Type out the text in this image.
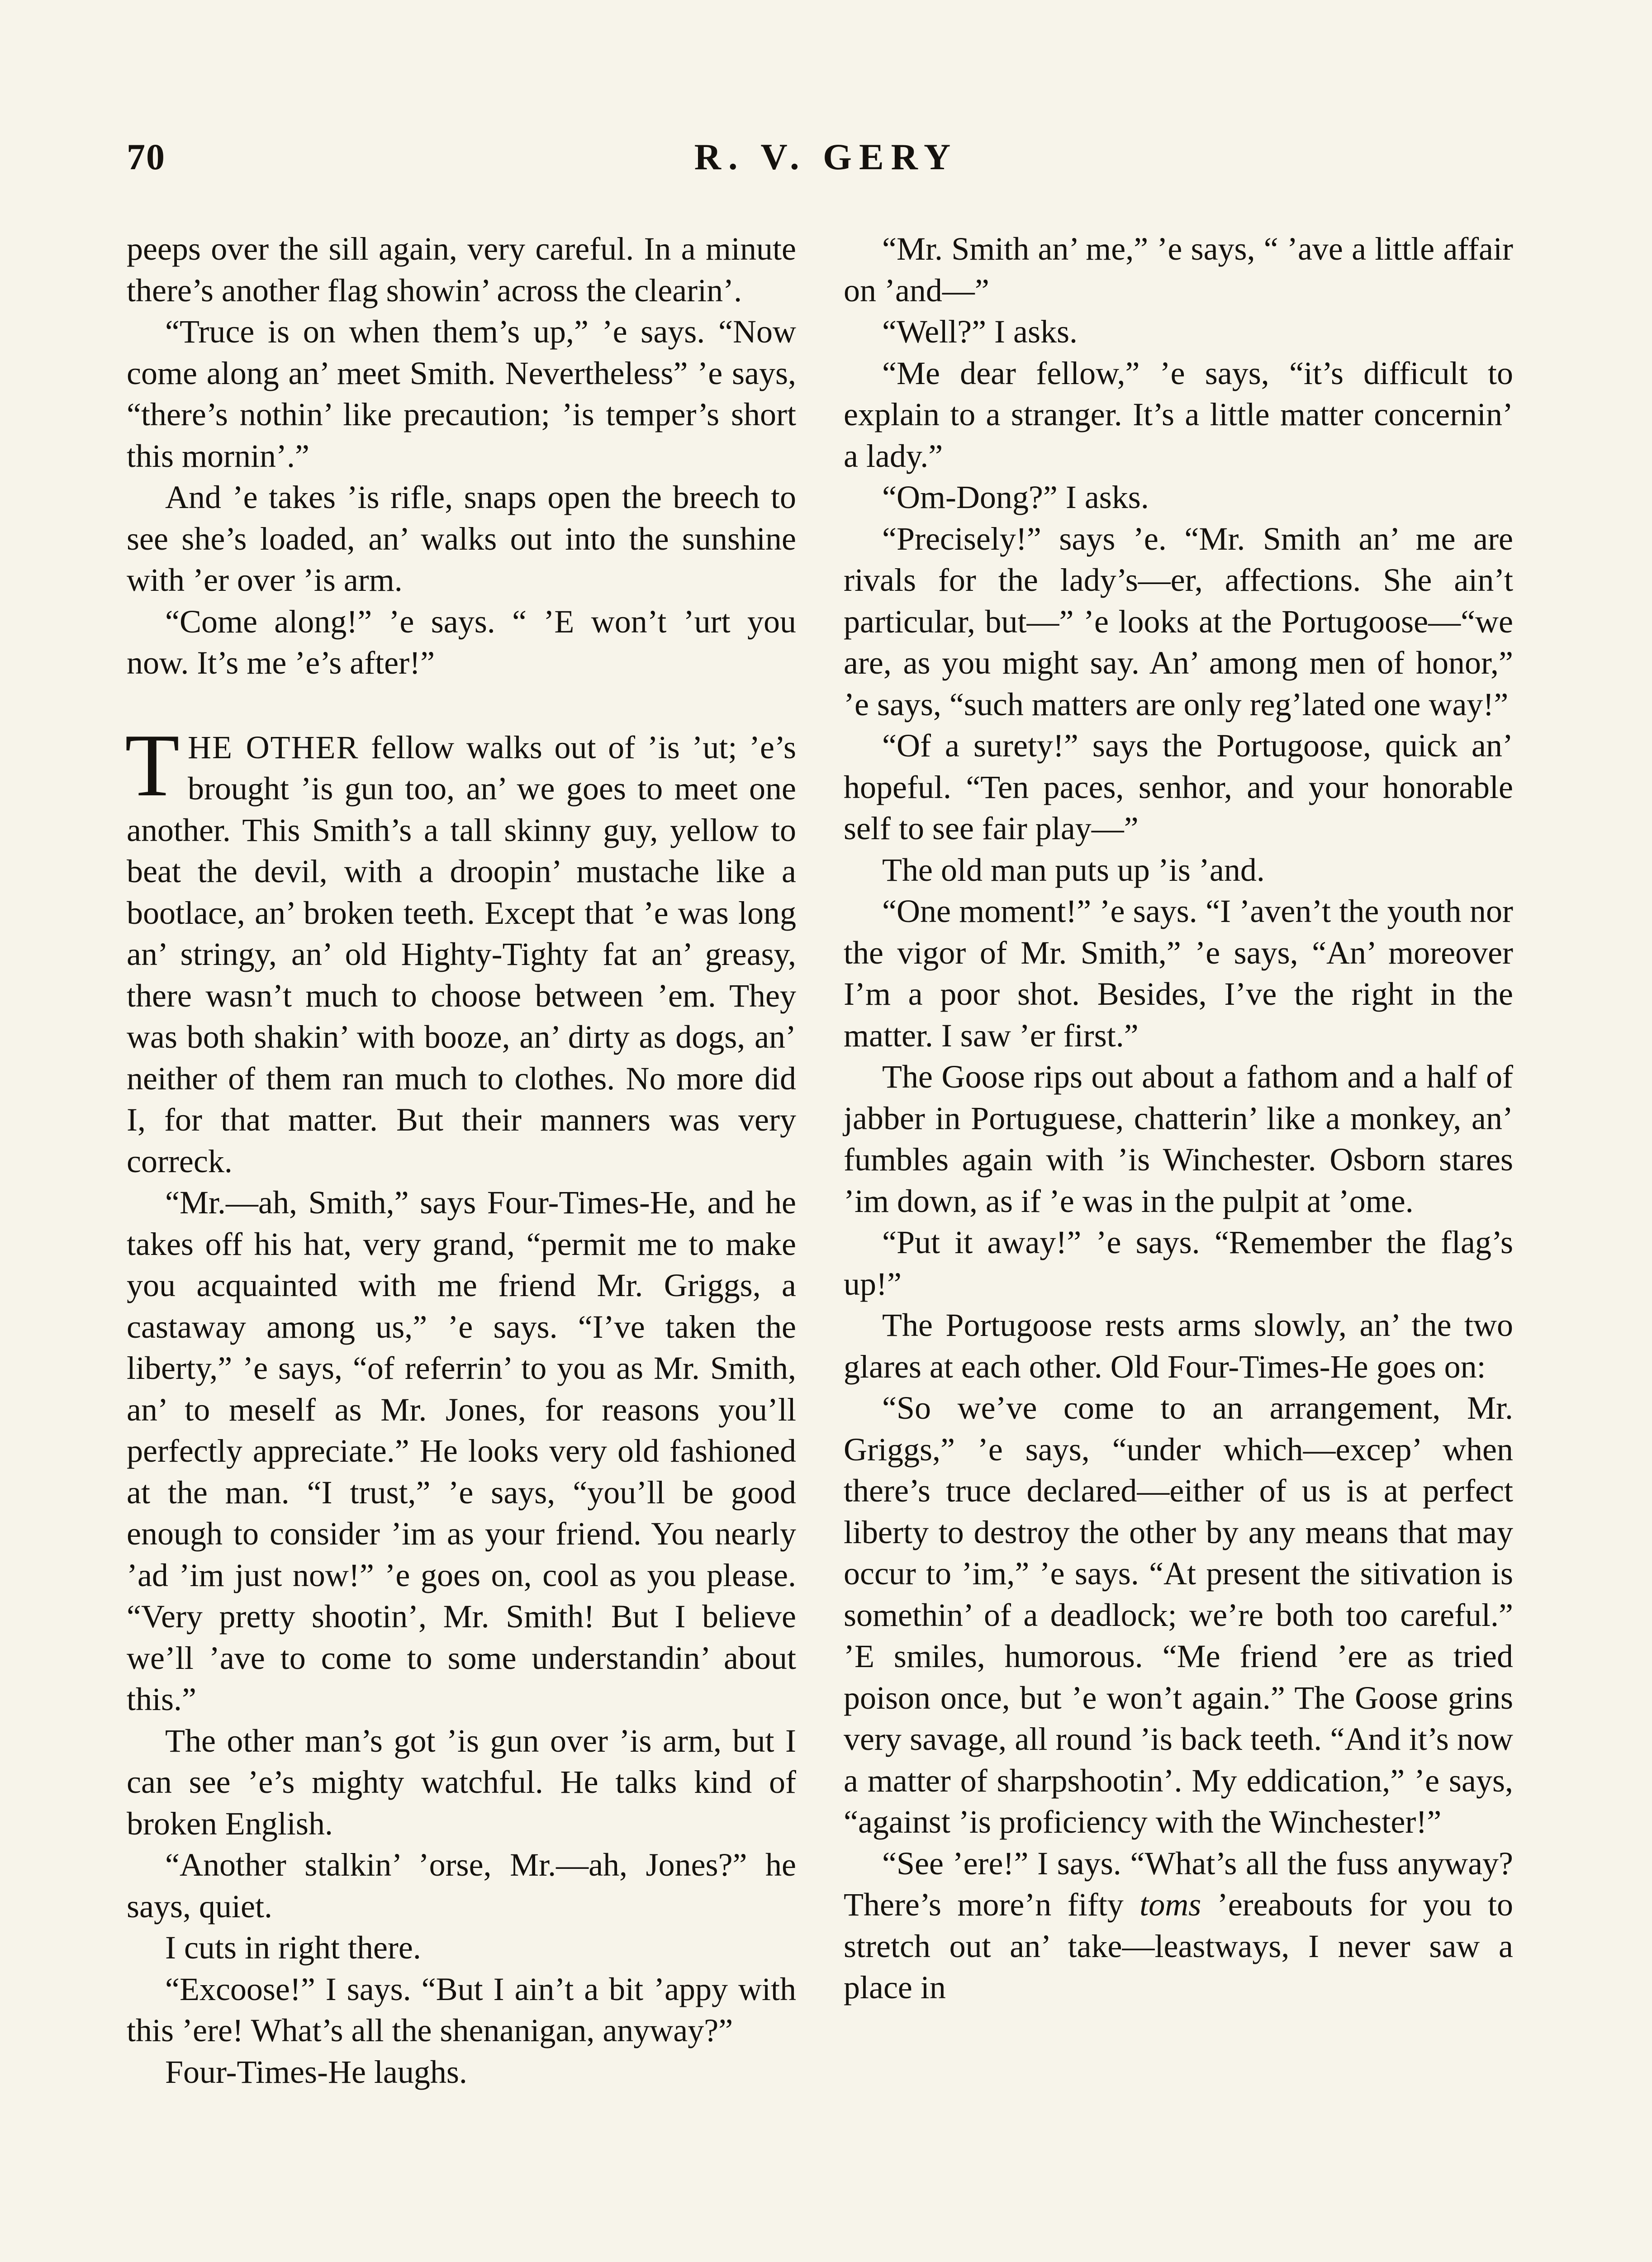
70	R. V. GERY

peeps over the sill again, very careful. In a minute there’s another flag showin’ across the clearin’.

“Truce is on when them’s up,” ’e says. “Now come along an’ meet Smith. Nevertheless” ’e says, “there’s nothin’ like precaution; ’is temper’s short this mornin’.”

And ’e takes ’is rifle, snaps open the breech to see she’s loaded, an’ walks out into the sunshine with ’er over ’is arm.

“Come along!” ’e says. “ ’E won’t ’urt you now. It’s me ’e’s after!”

THE OTHER fellow walks out of ’is ’ut; ’e’s brought ’is gun too, an’ we goes to meet one another. This Smith’s a tall skinny guy, yellow to beat the devil, with a droopin’ mustache like a bootlace, an’ broken teeth. Except that ’e was long an’ stringy, an’ old Highty-Tighty fat an’ greasy, there wasn’t much to choose between ’em. They was both shakin’ with booze, an’ dirty as dogs, an’ neither of them ran much to clothes. No more did I, for that matter. But their manners was very correck.

“Mr.—ah, Smith,” says Four-Times-He, and he takes off his hat, very grand, “permit me to make you acquainted with me friend Mr. Griggs, a castaway among us,” ’e says. “I’ve taken the liberty,” ’e says, “of referrin’ to you as Mr. Smith, an’ to meself as Mr. Jones, for reasons you’ll perfectly appreciate.” He looks very old fashioned at the man. “I trust,” ’e says, “you’ll be good enough to consider ’im as your friend. You nearly ’ad ’im just now!” ’e goes on, cool as you please. “Very pretty shootin’, Mr. Smith! But I believe we’ll ’ave to come to some understandin’ about this.”

The other man’s got ’is gun over ’is arm, but I can see ’e’s mighty watchful. He talks kind of broken English.

“Another stalkin’ ’orse, Mr.—ah, Jones?” he says, quiet.

I cuts in right there.

“Excoose!” I says. “But I ain’t a bit ’appy with this ’ere! What’s all the shenanigan, anyway?”

Four-Times-He laughs.

“Mr. Smith an’ me,” ’e says, “ ’ave a little affair on ’and—”

“Well?” I asks.

“Me dear fellow,” ’e says, “it’s difficult to explain to a stranger. It’s a little matter concernin’ a lady.”

“Om-Dong?” I asks.

“Precisely!” says ’e. “Mr. Smith an’ me are rivals for the lady’s—er, affections. She ain’t particular, but—” ’e looks at the Portugoose—“we are, as you might say. An’ among men of honor,” ’e says, “such matters are only reg’lated one way!”

“Of a surety!” says the Portugoose, quick an’ hopeful. “Ten paces, senhor, and your honorable self to see fair play—”

The old man puts up ’is ’and.

“One moment!” ’e says. “I ’aven’t the youth nor the vigor of Mr. Smith,” ’e says, “An’ moreover I’m a poor shot. Besides, I’ve the right in the matter. I saw ’er first.”

The Goose rips out about a fathom and a half of jabber in Portuguese, chatterin’ like a monkey, an’ fumbles again with ’is Winchester. Osborn stares ’im down, as if ’e was in the pulpit at ’ome.

“Put it away!” ’e says. “Remember the flag’s up!”

The Portugoose rests arms slowly, an’ the two glares at each other. Old Four-Times-He goes on:

“So we’ve come to an arrangement, Mr. Griggs,” ’e says, “under which—excep’ when there’s truce declared—either of us is at perfect liberty to destroy the other by any means that may occur to ’im,” ’e says. “At present the sitivation is somethin’ of a deadlock; we’re both too careful.” ’E smiles, humorous. “Me friend ’ere as tried poison once, but ’e won’t again.” The Goose grins very savage, all round ’is back teeth. “And it’s now a matter of sharpshootin’. My eddication,” ’e says, “against ’is proficiency with the Winchester!”

“See ’ere!” I says. “What’s all the fuss anyway? There’s more’n fifty toms ’ereabouts for you to stretch out an’ take—leastways, I never saw a place in
